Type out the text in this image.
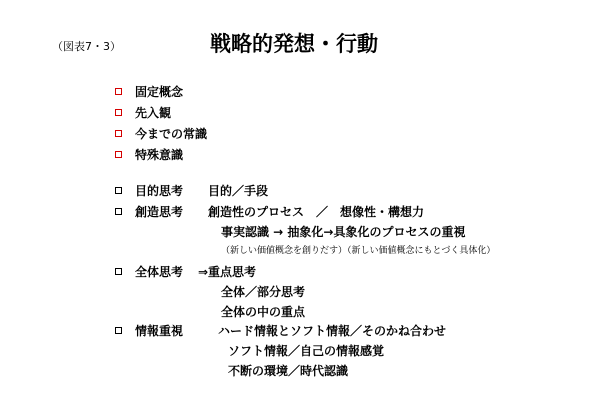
（図表7・3）	戦略的発想・行動
固定概念
先入観
今までの常識
特殊意識
目的思考 目的／手段
創造思考 創造性のプロセス　／　想像性・構想力
事実認識 → 抽象化→具象化のプロセスの重視
（新しい価値概念を創りだす）（新しい価値概念にもとづく具体化）
全体思考 ⇒重点思考
全体／部分思考
全体の中の重点
情報重視	ハード情報とソフト情報／そのかね合わせ
ソフト情報／自己の情報感覚
不断の環境／時代認識
